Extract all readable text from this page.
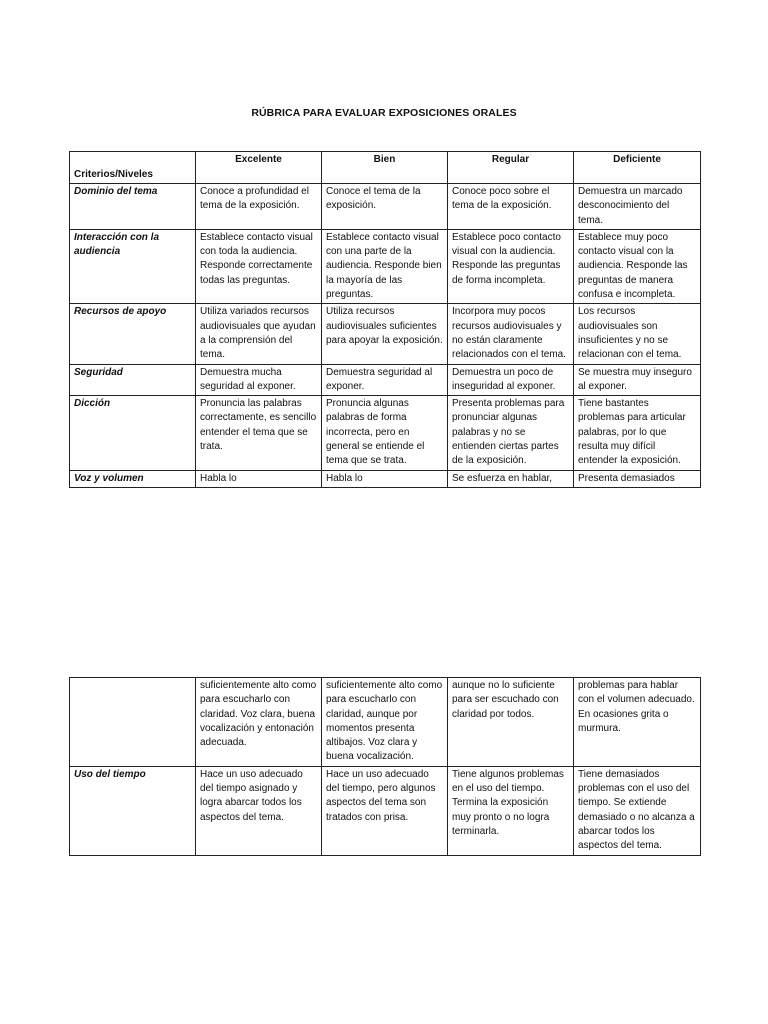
RÚBRICA PARA EVALUAR EXPOSICIONES ORALES
Criterios/Niveles	Excelente	Bien	Regular	Deficiente
Dominio del tema	Conoce a profundidad el tema de la exposición.	Conoce el tema de la exposición.	Conoce poco sobre el tema de la exposición.	Demuestra un marcado desconocimiento del tema.
Interacción con la audiencia	Establece contacto visual con toda la audiencia. Responde correctamente todas las preguntas.	Establece contacto visual con una parte de la audiencia. Responde bien la mayoría de las preguntas.	Establece poco contacto visual con la audiencia. Responde las preguntas de forma incompleta.	Establece muy poco contacto visual con la audiencia. Responde las preguntas de manera confusa e incompleta.
Recursos de apoyo	Utiliza variados recursos audiovisuales que ayudan a la comprensión del tema.	Utiliza recursos audiovisuales suficientes para apoyar la exposición.	Incorpora muy pocos recursos audiovisuales y no están claramente relacionados con el tema.	Los recursos audiovisuales son insuficientes y no se relacionan con el tema.
Seguridad	Demuestra mucha seguridad al exponer.	Demuestra seguridad al exponer.	Demuestra un poco de inseguridad al exponer.	Se muestra muy inseguro al exponer.
Dicción	Pronuncia las palabras correctamente, es sencillo entender el tema que se trata.	Pronuncia algunas palabras de forma incorrecta, pero en general se entiende el tema que se trata.	Presenta problemas para pronunciar algunas palabras y no se entienden ciertas partes de la exposición.	Tiene bastantes problemas para articular palabras, por lo que resulta muy difícil entender la exposición.
Voz y volumen	Habla lo	Habla lo	Se esfuerza en hablar,	Presenta demasiados
	suficientemente alto como para escucharlo con claridad. Voz clara, buena vocalización y entonación adecuada.	suficientemente alto como para escucharlo con claridad, aunque por momentos presenta altibajos. Voz clara y buena vocalización.	aunque no lo suficiente para ser escuchado con claridad por todos.	problemas para hablar con el volumen adecuado. En ocasiones grita o murmura.
Uso del tiempo	Hace un uso adecuado del tiempo asignado y logra abarcar todos los aspectos del tema.	Hace un uso adecuado del tiempo, pero algunos aspectos del tema son tratados con prisa.	Tiene algunos problemas en el uso del tiempo. Termina la exposición muy pronto o no logra terminarla.	Tiene demasiados problemas con el uso del tiempo. Se extiende demasiado o no alcanza a abarcar todos los aspectos del tema.
